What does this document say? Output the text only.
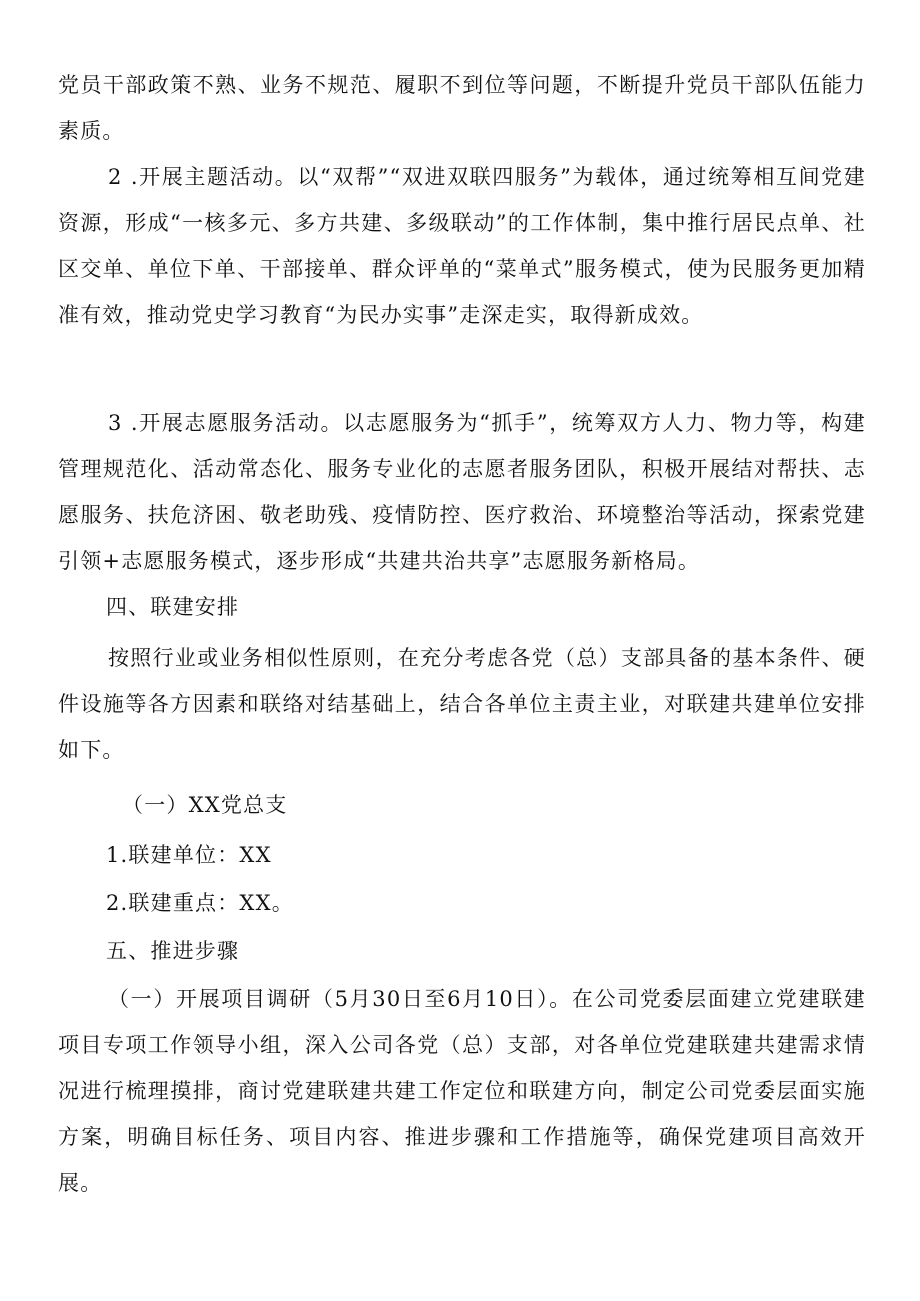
党员干部政策不熟、业务不规范、履职不到位等问题，不断提升党员干部队伍能力素质。

2 .开展主题活动。以“双帮”“双进双联四服务”为载体，通过统筹相互间党建资源，形成“一核多元、多方共建、多级联动”的工作体制，集中推行居民点单、社区交单、单位下单、干部接单、群众评单的“菜单式”服务模式，使为民服务更加精准有效，推动党史学习教育“为民办实事”走深走实，取得新成效。

3 .开展志愿服务活动。以志愿服务为“抓手”，统筹双方人力、物力等，构建管理规范化、活动常态化、服务专业化的志愿者服务团队，积极开展结对帮扶、志愿服务、扶危济困、敬老助残、疫情防控、医疗救治、环境整治等活动，探索党建引领+志愿服务模式，逐步形成“共建共治共享”志愿服务新格局。

四、联建安排

按照行业或业务相似性原则，在充分考虑各党（总）支部具备的基本条件、硬件设施等各方因素和联络对结基础上，结合各单位主责主业，对联建共建单位安排如下。

（一）XX党总支

1.联建单位：XX

2.联建重点：XX。

五、推进步骤

（一）开展项目调研（5月30日至6月10日）。在公司党委层面建立党建联建项目专项工作领导小组，深入公司各党（总）支部，对各单位党建联建共建需求情况进行梳理摸排，商讨党建联建共建工作定位和联建方向，制定公司党委层面实施方案，明确目标任务、项目内容、推进步骤和工作措施等，确保党建项目高效开展。
